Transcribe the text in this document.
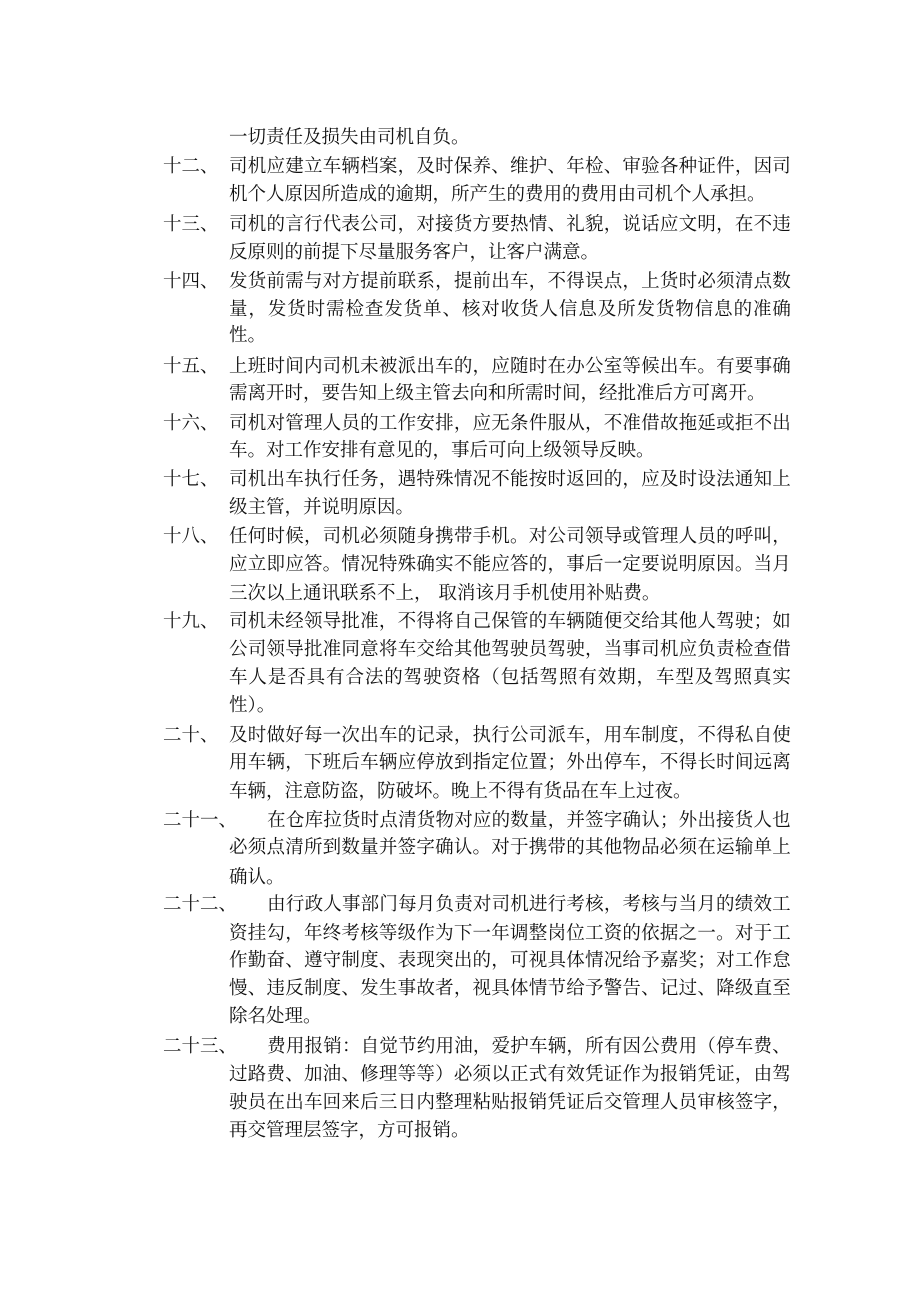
一切责任及损失由司机自负。
十二、 司 机 应 建 立 车 辆 档 案 ， 及 时 保 养 、 维 护 、 年 检 、 审 验 各 种 证 件 ， 因 司
机个人原因所造成的逾期，所产生的费用的费用由司机个人承担。
十三、 司 机 的 言 行 代 表 公 司 ， 对 接 货 方 要 热 情 、 礼 貌 ， 说 话 应 文 明 ， 在 不 违
反原则的前提下尽量服务客户，让客户满意。
十四、 发 货 前 需 与 对 方 提 前 联 系 ， 提 前 出 车 ， 不 得 误 点 ， 上 货 时 必 须 清 点 数
量 ， 发 货 时 需 检 查 发 货 单 、 核 对 收 货 人 信 息 及 所 发 货 物 信 息 的 准 确
性。
十五、 上 班 时 间 内 司 机 未 被 派 出 车 的 ， 应 随 时 在 办 公 室 等 候 出 车 。 有 要 事 确
需离开时，要告知上级主管去向和所需时间，经批准后方可离开。
十六、 司 机 对 管 理 人 员 的 工 作 安 排 ， 应 无 条 件 服 从 ， 不 准 借 故 拖 延 或 拒 不 出
车。对工作安排有意见的，事后可向上级领导反映。
十七、 司 机 出 车 执 行 任 务 ， 遇 特 殊 情 况 不 能 按 时 返 回 的 ， 应 及 时 设 法 通 知 上
级主管，并说明原因。
十八、 任 何 时 候 ， 司 机 必 须 随 身 携 带 手 机 。 对 公 司 领 导 或 管 理 人 员 的 呼 叫 ，
应 立 即 应 答 。 情 况 特 殊 确 实 不 能 应 答 的 ， 事 后 一 定 要 说 明 原 因 。 当 月
三次以上通讯联系不上， 取消该月手机使用补贴费。
十九、 司 机 未 经 领 导 批 准 ， 不 得 将 自 己 保 管 的 车 辆 随 便 交 给 其 他 人 驾 驶 ； 如
公 司 领 导 批 准 同 意 将 车 交 给 其 他 驾 驶 员 驾 驶 ， 当 事 司 机 应 负 责 检 查 借
车 人 是 否 具 有 合 法 的 驾 驶 资 格 （ 包 括 驾 照 有 效 期 ， 车 型 及 驾 照 真 实
性）。
二十、 及 时 做 好 每 一 次 出 车 的 记 录 ， 执 行 公 司 派 车 ， 用 车 制 度 ， 不 得 私 自 使
用 车 辆 ， 下 班 后 车 辆 应 停 放 到 指 定 位 置 ； 外 出 停 车 ， 不 得 长 时 间 远 离
车辆，注意防盗，防破坏。晚上不得有货品在车上过夜。
二十一、

在 仓 库 拉 货 时 点 清 货 物 对 应 的 数 量 ， 并 签 字 确 认 ； 外 出 接 货 人 也
必 须 点 清 所 到 数 量 并 签 字 确 认 。 对 于 携 带 的 其 他 物 品 必 须 在 运 输 单 上
确认。
二十二、

由 行 政 人 事 部 门 每 月 负 责 对 司 机 进 行 考 核 ， 考 核 与 当 月 的 绩 效 工
资 挂 勾 ， 年 终 考 核 等 级 作 为 下 一 年 调 整 岗 位 工 资 的 依 据 之 一 。 对 于 工
作 勤 奋 、 遵 守 制 度 、 表 现 突 出 的 ， 可 视 具 体 情 况 给 予 嘉 奖 ； 对 工 作 怠
慢 、 违 反 制 度 、 发 生 事 故 者 ， 视 具 体 情 节 给 予 警 告 、 记 过 、 降 级 直 至
除名处理。
二十三、

费 用 报 销 ： 自 觉 节 约 用 油 ， 爱 护 车 辆 ， 所 有 因 公 费 用 （ 停 车 费 、
过 路 费 、 加 油 、 修 理 等 等 ） 必 须 以 正 式 有 效 凭 证 作 为 报 销 凭 证 ， 由 驾
驶 员 在 出 车 回 来 后 三 日 内 整 理 粘 贴 报 销 凭 证 后 交 管 理 人 员 审 核 签 字 ，
再交管理层签字，方可报销。
